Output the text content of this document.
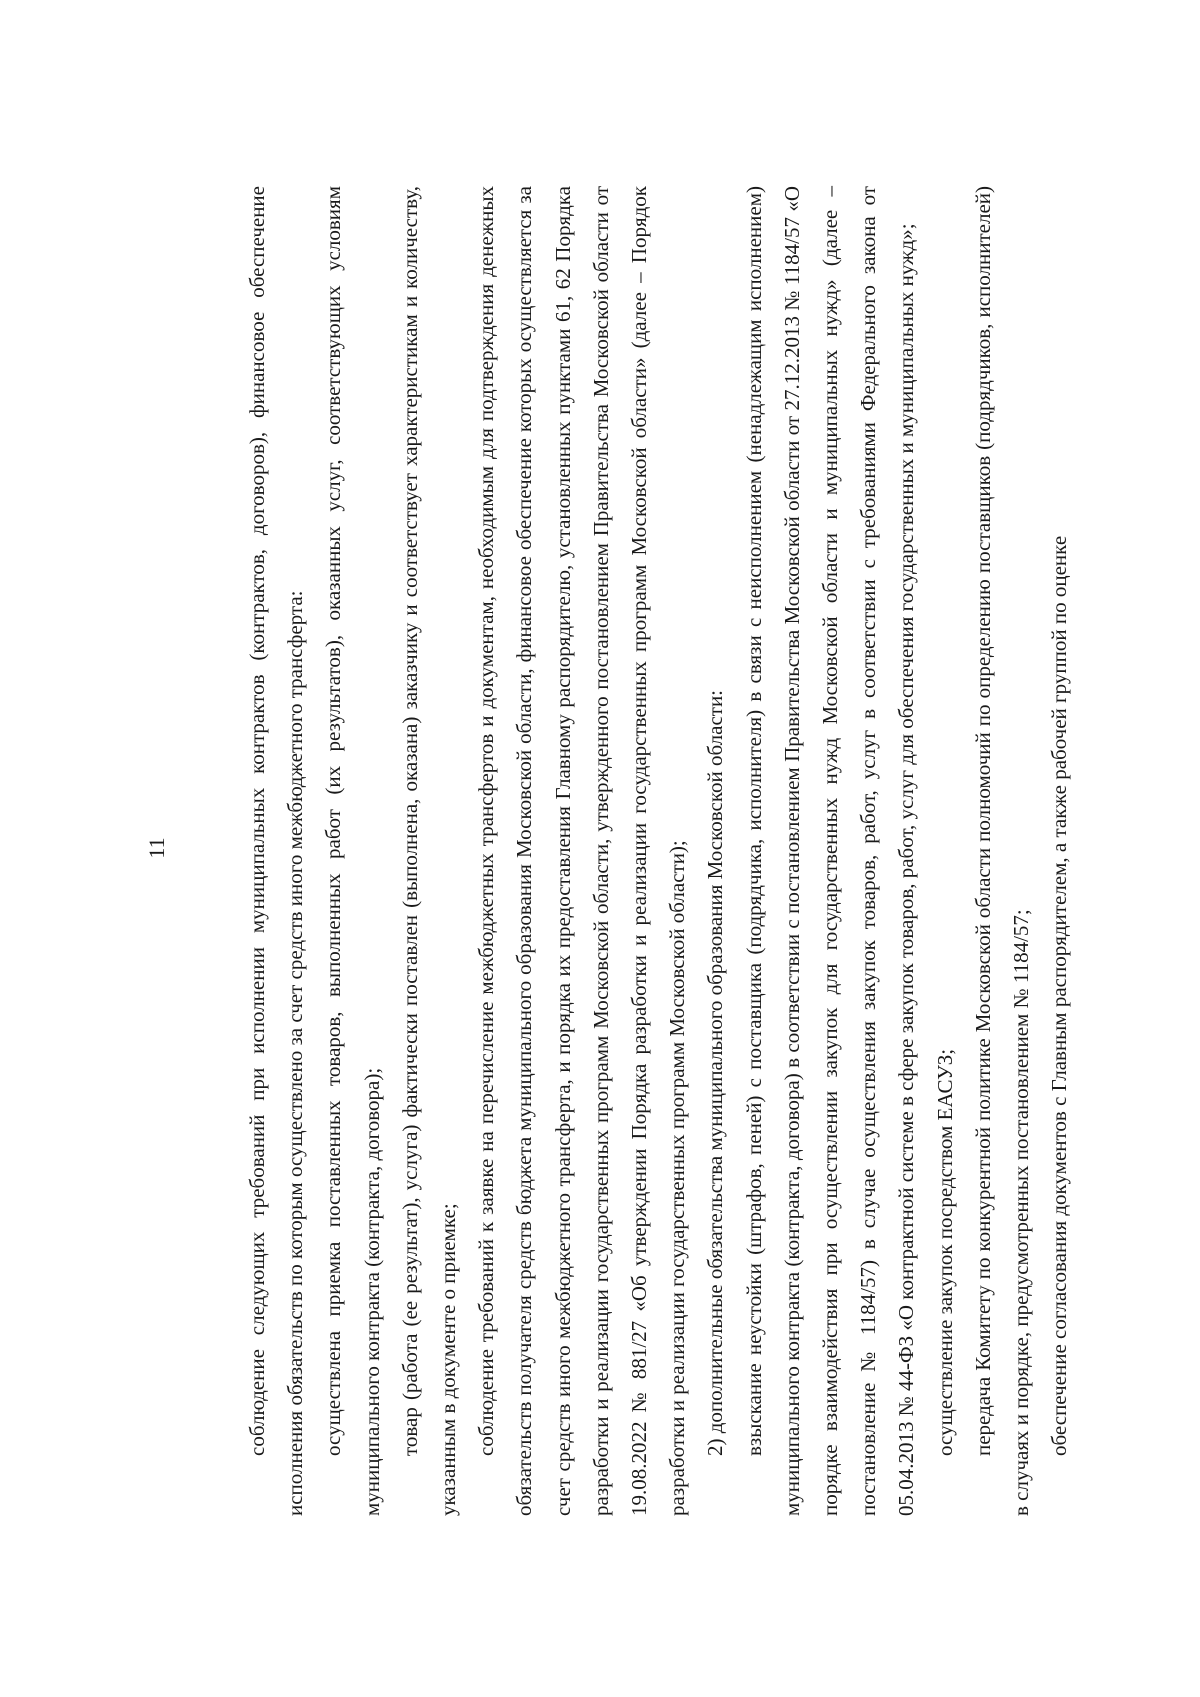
11	соблюдение следующих требований при исполнении муниципальных контрактов (контрактов, договоров), финансовое обеспечение исполнения обязательств по которым осуществлено за счет средств иного межбюджетного трансферта: осуществлена приемка поставленных товаров, выполненных работ (их результатов), оказанных услуг, соответствующих условиям муниципального контракта (контракта, договора); товар (работа (ее результат), услуга) фактически поставлен (выполнена, оказана) заказчику и соответствует характеристикам и количеству, указанным в документе о приемке; соблюдение требований к заявке на перечисление межбюджетных трансфертов и документам, необходимым для подтверждения денежных обязательств получателя средств бюджета муниципального образования Московской области, финансовое обеспечение которых осуществляется за счет средств иного межбюджетного трансферта, и порядка их предоставления Главному распорядителю, установленных пунктами 61, 62 Порядка разработки и реализации государственных программ Московской области, утвержденного постановлением Правительства Московской области от 19.08.2022 № 881/27 «Об утверждении Порядка разработки и реализации государственных программ Московской области» (далее – Порядок разработки и реализации государственных программ Московской области); 2) дополнительные обязательства муниципального образования Московской области: взыскание неустойки (штрафов, пеней) с поставщика (подрядчика, исполнителя) в связи с неисполнением (ненадлежащим исполнением) муниципального контракта (контракта, договора) в соответствии с постановлением Правительства Московской области от 27.12.2013 № 1184/57 «О порядке взаимодействия при осуществлении закупок для государственных нужд Московской области и муниципальных нужд» (далее – постановление № 1184/57) в случае осуществления закупок товаров, работ, услуг в соответствии с требованиями Федерального закона от 05.04.2013 № 44-ФЗ «О контрактной системе в сфере закупок товаров, работ, услуг для обеспечения государственных и муниципальных нужд»; осуществление закупок посредством ЕАСУЗ; передача Комитету по конкурентной политике Московской области полномочий по определению поставщиков (подрядчиков, исполнителей) в случаях и порядке, предусмотренных постановлением № 1184/57; обеспечение согласования документов с Главным распорядителем, а также рабочей группой по оценке
